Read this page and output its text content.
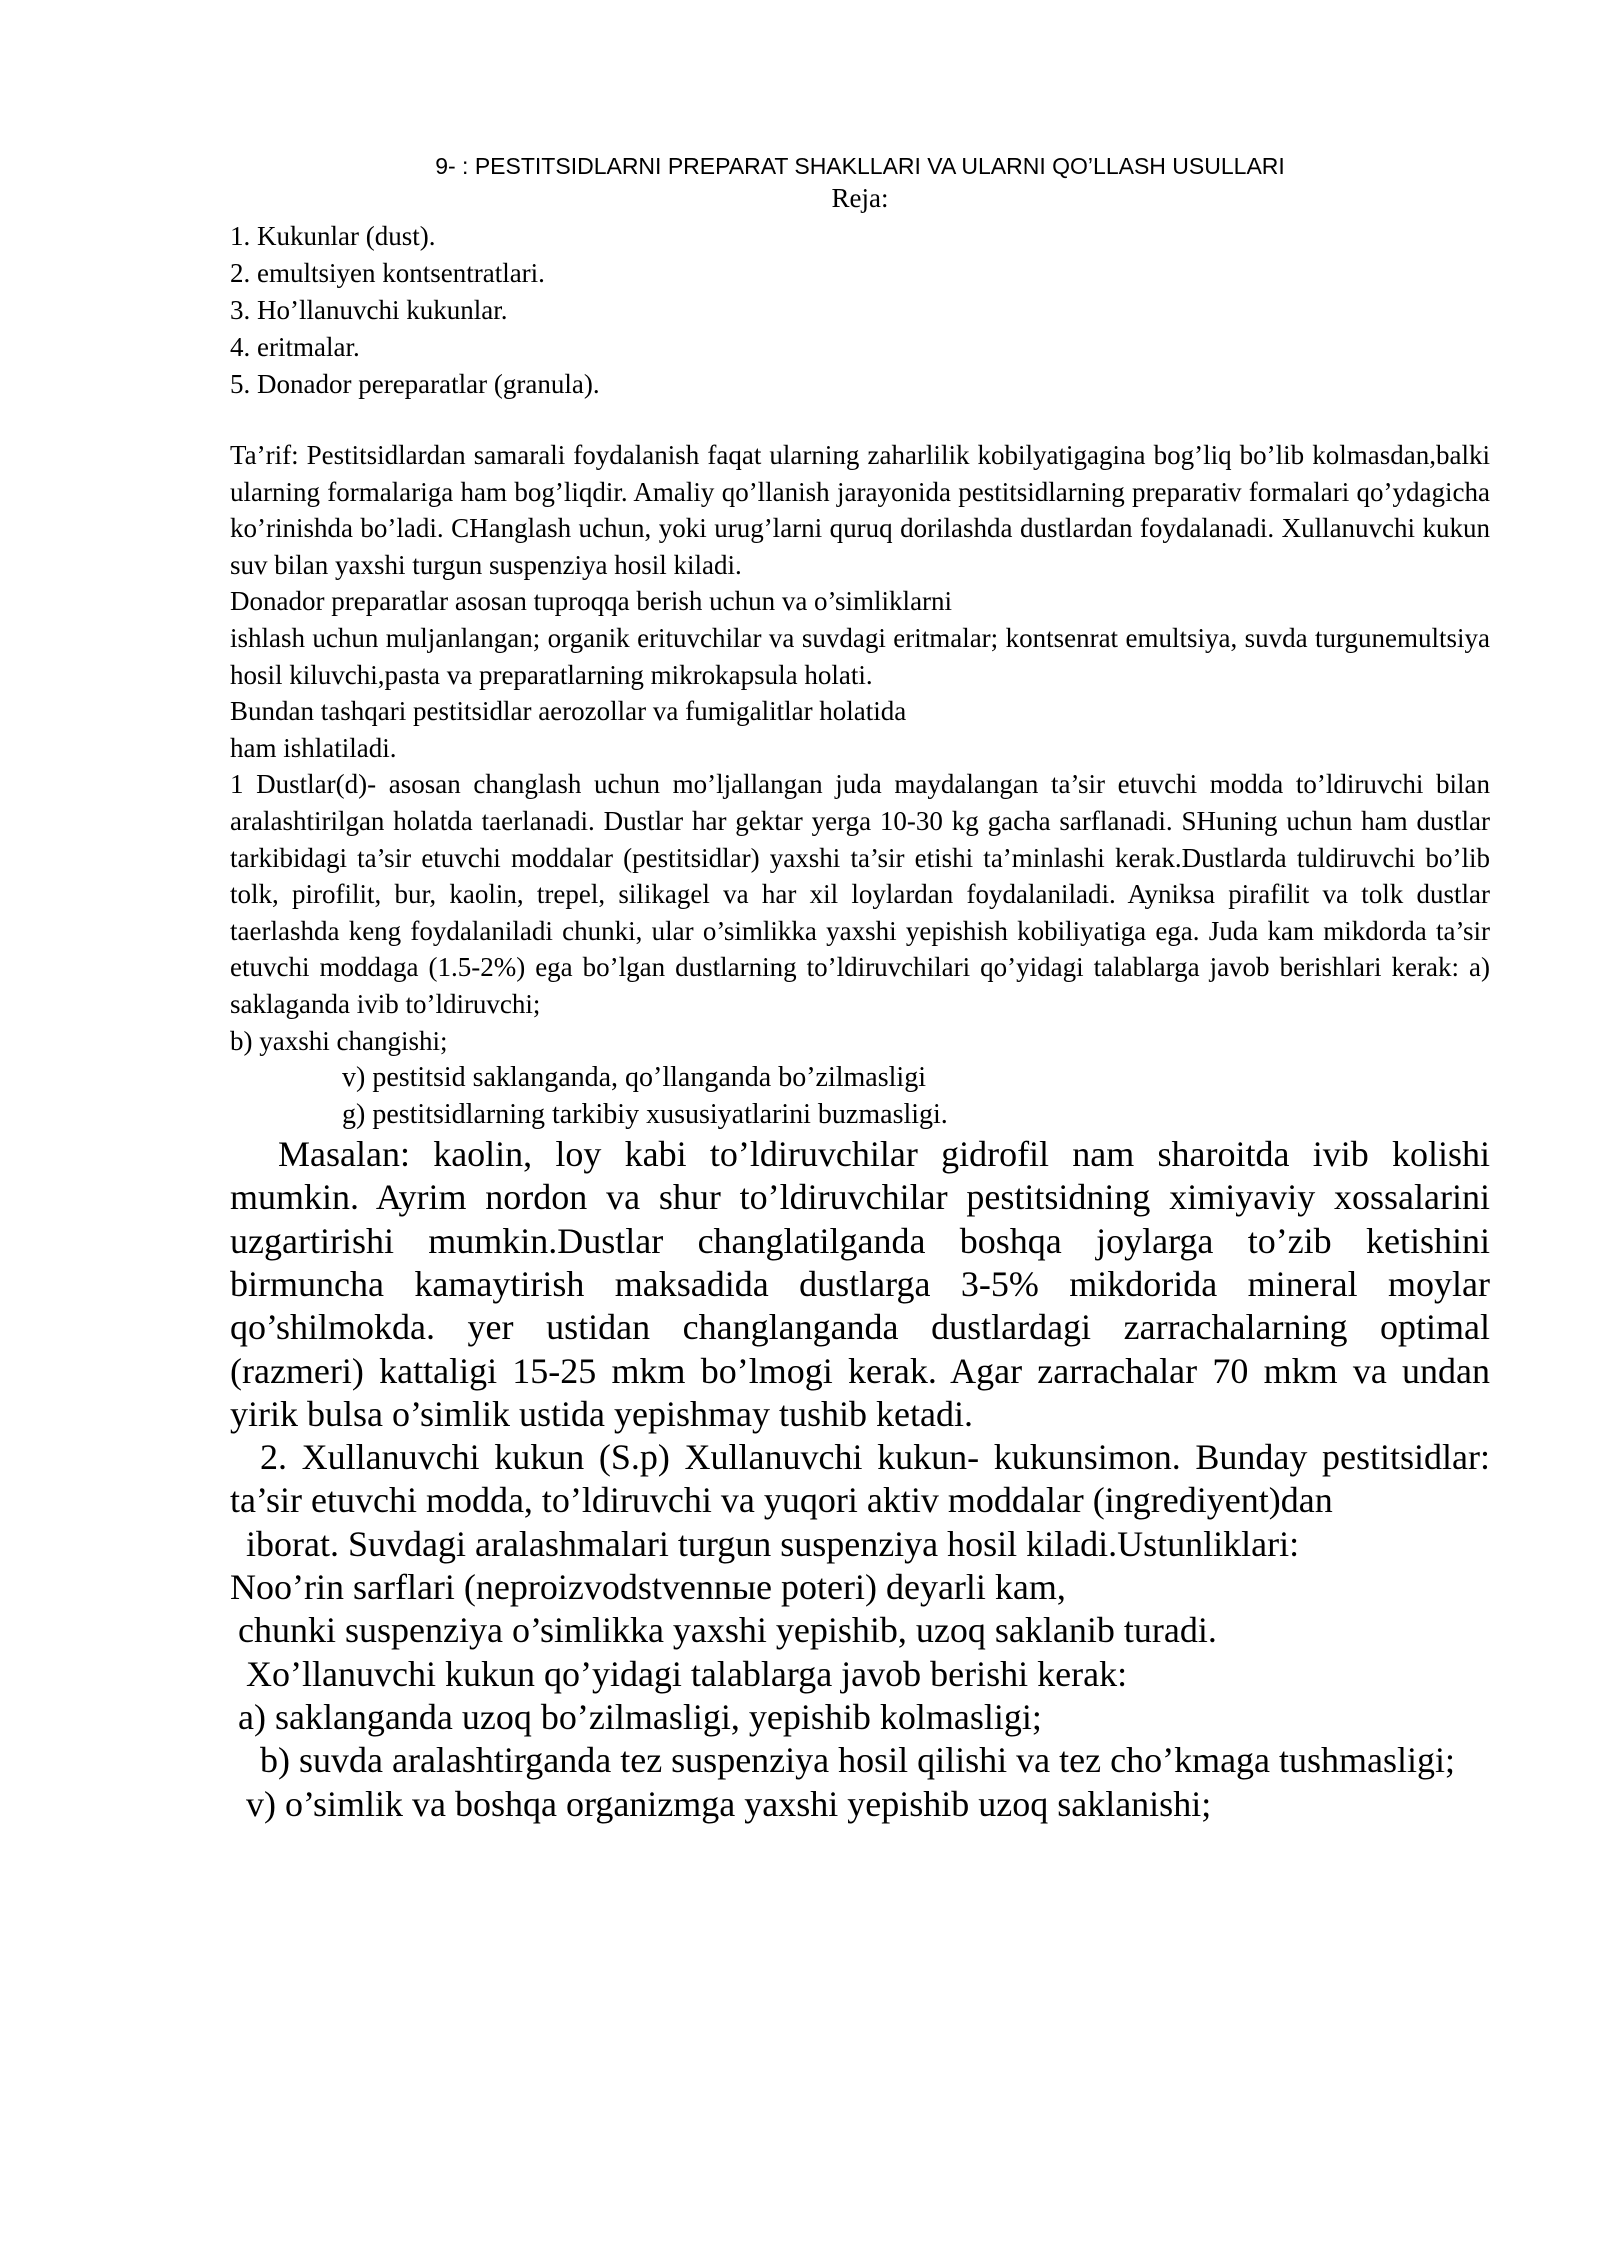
9- : PESTITSIDLARNI PREPARAT SHAKLLARI VA ULARNI QO’LLASH USULLARI

Reja:

1. Kukunlar (dust).
2. emultsiyen kontsentratlari.
3. Ho’llanuvchi kukunlar.
4. eritmalar.
5. Donador pereparatlar (granula).

Ta’rif: Pestitsidlardan samarali foydalanish faqat ularning zaharlilik kobilyatigagina bog’liq bo’lib kolmasdan,balki ularning formalariga ham bog’liqdir. Amaliy qo’llanish jarayonida pestitsidlarning preparativ formalari qo’ydagicha ko’rinishda bo’ladi. CHanglash uchun, yoki urug’larni quruq dorilashda dustlardan foydalanadi. Xullanuvchi kukun suv bilan yaxshi turgun suspenziya hosil kiladi.

Donador preparatlar asosan tuproqqa berish uchun va o’simliklarni

ishlash uchun muljanlangan; organik erituvchilar va suvdagi eritmalar; kontsenrat emultsiya, suvda turgunemultsiya hosil kiluvchi,pasta va preparatlarning mikrokapsula holati.

Bundan tashqari pestitsidlar aerozollar va fumigalitlar holatida

ham ishlatiladi.

1 Dustlar(d)- asosan changlash uchun mo’ljallangan juda maydalangan ta’sir etuvchi modda to’ldiruvchi bilan aralashtirilgan holatda taerlanadi. Dustlar har gektar yerga 10-30 kg gacha sarflanadi. SHuning uchun ham dustlar tarkibidagi ta’sir etuvchi moddalar (pestitsidlar) yaxshi ta’sir etishi ta’minlashi kerak.Dustlarda tuldiruvchi bo’lib tolk, pirofilit, bur, kaolin, trepel, silikagel va har xil loylardan foydalaniladi. Ayniksa pirafilit va tolk dustlar taerlashda keng foydalaniladi chunki, ular o’simlikka yaxshi yepishish kobiliyatiga ega. Juda kam mikdorda ta’sir etuvchi moddaga (1.5-2%) ega bo’lgan dustlarning to’ldiruvchilari qo’yidagi talablarga javob berishlari kerak: a) saklaganda ivib to’ldiruvchi;

b) yaxshi changishi;

v) pestitsid saklanganda, qo’llanganda bo’zilmasligi

g) pestitsidlarning tarkibiy xususiyatlarini buzmasligi.

Masalan: kaolin, loy kabi to’ldiruvchilar gidrofil nam sharoitda ivib kolishi mumkin. Ayrim nordon va shur to’ldiruvchilar pestitsidning ximiyaviy xossalarini uzgartirishi mumkin.Dustlar changlatilganda boshqa joylarga to’zib ketishini birmuncha kamaytirish maksadida dustlarga 3-5% mikdorida mineral moylar qo’shilmokda. yer ustidan changlanganda dustlardagi zarrachalarning optimal (razmeri) kattaligi 15-25 mkm bo’lmogi kerak. Agar zarrachalar 70 mkm va undan yirik bulsa o’simlik ustida yepishmay tushib ketadi.

2. Xullanuvchi kukun (S.p) Xullanuvchi kukun- kukunsimon. Bunday pestitsidlar: ta’sir etuvchi modda, to’ldiruvchi va yuqori aktiv moddalar (ingrediyent)dan

iborat. Suvdagi aralashmalari turgun suspenziya hosil kiladi.Ustunliklari:

Noo’rin sarflari (neproizvodstvennые poteri) deyarli kam,

chunki suspenziya o’simlikka yaxshi yepishib, uzoq saklanib turadi.

Xo’llanuvchi kukun qo’yidagi talablarga javob berishi kerak:

a) saklanganda uzoq bo’zilmasligi, yepishib kolmasligi;

b) suvda aralashtirganda tez suspenziya hosil qilishi va tez cho’kmaga tushmasligi;

v) o’simlik va boshqa organizmga yaxshi yepishib uzoq saklanishi;
